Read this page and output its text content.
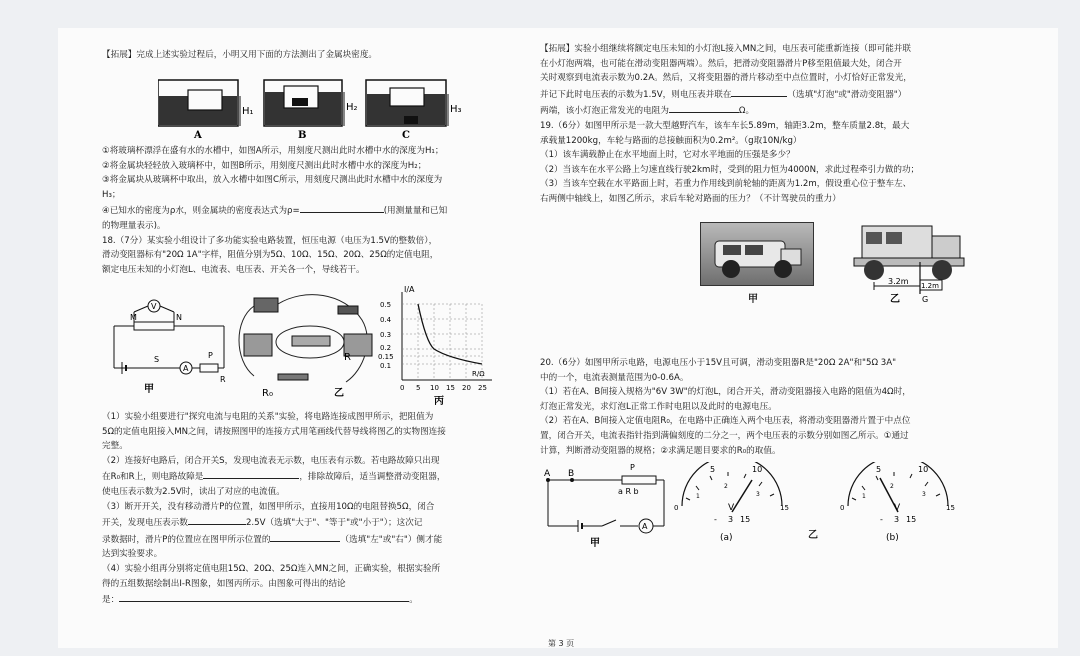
【拓展】完成上述实验过程后，小明又用下面的方法测出了金属块密度。

A
H₁
B
H₂
C
H₃

①将玻璃杯漂浮在盛有水的水槽中，如图A所示，用刻度尺测出此时水槽中水的深度为H₁；

②将金属块轻轻放入玻璃杯中，如图B所示，用刻度尺测出此时水槽中水的深度为H₂；

③将金属块从玻璃杯中取出，放入水槽中如图C所示，用刻度尺测出此时水槽中水的深度为

H₃；

④已知水的密度为ρ水，则金属块的密度表达式为ρ=	(用测量量和已知

的物理量表示)。

18.（7分）某实验小组设计了多功能实验电路装置，恒压电源（电压为1.5V的整数倍），

滑动变阻器标有"20Ω 1A"字样，阻值分别为5Ω、10Ω、15Ω、20Ω、25Ω的定值电阻，

额定电压未知的小灯泡L、电流表、电压表、开关各一个，导线若干。

M	N
V
A
P
R
S
甲
R
R₀	乙
I/A
0.5
0.4
0.3
0.2
0.15
0.1
0 5 10 15 20 25
R/Ω
丙

（1）实验小组要进行"探究电流与电阻的关系"实验，将电路连接成图甲所示，把阻值为

5Ω的定值电阻接入MN之间，请按照图甲的连接方式用笔画线代替导线将图乙的实物图连接

完整。

（2）连接好电路后，闭合开关S，发现电流表无示数，电压表有示数。若电路故障只出现

在R₀和R上，则电路故障是	，排除故障后，适当调整滑动变阻器，

使电压表示数为2.5V时，读出了对应的电流值。

（3）断开开关，没有移动滑片P的位置，如图甲所示，直接用10Ω的电阻替换5Ω，闭合

开关，发现电压表示数	2.5V（选填"大于"、"等于"或"小于"）；这次记

录数据时，滑片P的位置应在图甲所示位置的	（选填"左"或"右"）侧才能

达到实验要求。

（4）实验小组再分别将定值电阻15Ω、20Ω、25Ω连入MN之间，正确实验，根据实验所

得的五组数据绘制出I-R图象，如图丙所示。由图象可得出的结论

是：	。

【拓展】实验小组继续将额定电压未知的小灯泡L接入MN之间，电压表可能重新连接（即可能并联

在小灯泡两端，也可能在滑动变阻器两端）。然后，把滑动变阻器滑片P移至阻值最大处，闭合开

关时观察到电流表示数为0.2A。然后，又将变阻器的滑片移动至中点位置时，小灯恰好正常发光，

并记下此时电压表的示数为1.5V，则电压表并联在	（选填"灯泡"或"滑动变阻器"）

两端，该小灯泡正常发光的电阻为	Ω。

19.（6分）如图甲所示是一款大型越野汽车，该车车长5.89m，轴距3.2m，整车质量2.8t，最大

承载量1200kg，车轮与路面的总接触面积为0.2m²。（g取10N/kg）

（1）该车满载静止在水平地面上时，它对水平地面的压强是多少？

（2）当该车在水平公路上匀速直线行驶2km时，受到的阻力恒为4000N，求此过程牵引力做的功；

（3）当该车空载在水平路面上时，若重力作用线到前轮轴的距离为1.2m，假设重心位于整车左、

右两侧中轴线上，如图乙所示，求后车轮对路面的压力？（不计驾驶员的重力）

甲
3.2m 1.2m
G
乙

20.（6分）如图甲所示电路，电源电压小于15V且可调，滑动变阻器R是"20Ω 2A"和"5Ω 3A"

中的一个，电流表测量范围为0-0.6A。

（1）若在A、B间接入规格为"6V 3W"的灯泡L，闭合开关，滑动变阻器接入电路的阻值为4Ω时，

灯泡正常发光，求灯泡L正常工作时电阻以及此时的电源电压。

（2）若在A、B间接入定值电阻R₀，在电路中正确连入两个电压表，将滑动变阻器滑片置于中点位

置，闭合开关，电流表指针指到满偏刻度的二分之一，两个电压表的示数分别如图乙所示。①通过

计算，判断滑动变阻器的规格；②求满足题目要求的R₀的取值。

A B
P
a R b
A
甲
5	10
0	15
1
2
3
V
- 3 15
(a)	乙
5	10
0	15
1
2
3
V
- 3 15
(b)
第 3 页
